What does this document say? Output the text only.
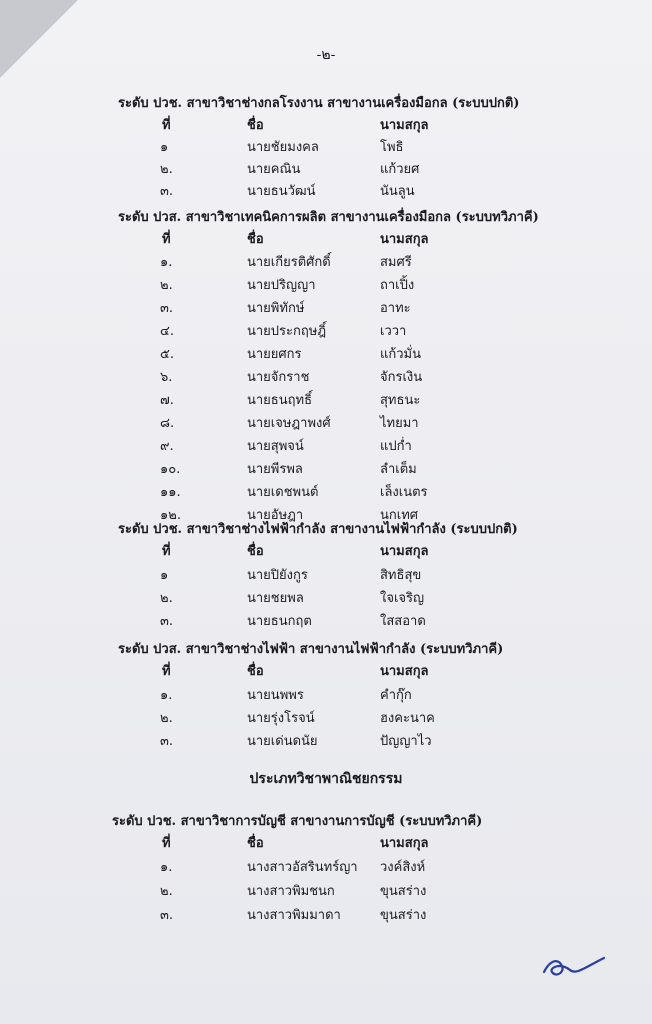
-๒-
ระดับ ปวช. สาขาวิชาช่างกลโรงงาน สาขางานเครื่องมือกล (ระบบปกติ)
ที่	ชื่อ	นามสกุล
๑	นายชัยมงคล	โพธิ
๒.	นายคณิน	แก้วยศ
๓.	นายธนวัฒน์	นันลูน
ระดับ ปวส. สาขาวิชาเทคนิคการผลิต สาขางานเครื่องมือกล (ระบบทวิภาคี)
ที่	ชื่อ	นามสกุล
๑.	นายเกียรติศักดิ์	สมศรี
๒.	นายปริญญา	ถาเปิ้ง
๓.	นายพิทักษ์	อาทะ
๔.	นายประกฤษฎิ์	เววา
๕.	นายยศกร	แก้วมั่น
๖.	นายจักราช	จักรเงิน
๗.	นายธนฤทธิ์	สุทธนะ
๘.	นายเจษฎาพงศ์	ไทยมา
๙.	นายสุพจน์	แปกํ่า
๑๐.	นายพีรพล	ลำเต็ม
๑๑.	นายเดชพนต์	เล็งเนตร
๑๒.	นายอัษฎา	นกเทศ
ระดับ ปวช. สาขาวิชาช่างไฟฟ้ากำลัง สาขางานไฟฟ้ากำลัง (ระบบปกติ)
ที่	ชื่อ	นามสกุล
๑	นายปิยังกูร	สิทธิสุข
๒.	นายชยพล	ใจเจริญ
๓.	นายธนกฤต	ใสสอาด
ระดับ ปวส. สาขาวิชาช่างไฟฟ้า สาขางานไฟฟ้ากำลัง (ระบบทวิภาคี)
ที่	ชื่อ	นามสกุล
๑.	นายนพพร	คำกุ๊ก
๒.	นายรุ่งโรจน์	ฮงคะนาค
๓.	นายเด่นดนัย	ปัญญาไว
ประเภทวิชาพาณิชยกรรม
ระดับ ปวช. สาขาวิชาการบัญชี สาขางานการบัญชี (ระบบทวิภาคี)
ที่	ชื่อ	นามสกุล
๑.	นางสาวอัสรินทร์ญา วงค์สิงห์
๒.	นางสาวพิมชนก	ขุนสร่าง
๓.	นางสาวพิมมาดา	ขุนสร่าง
